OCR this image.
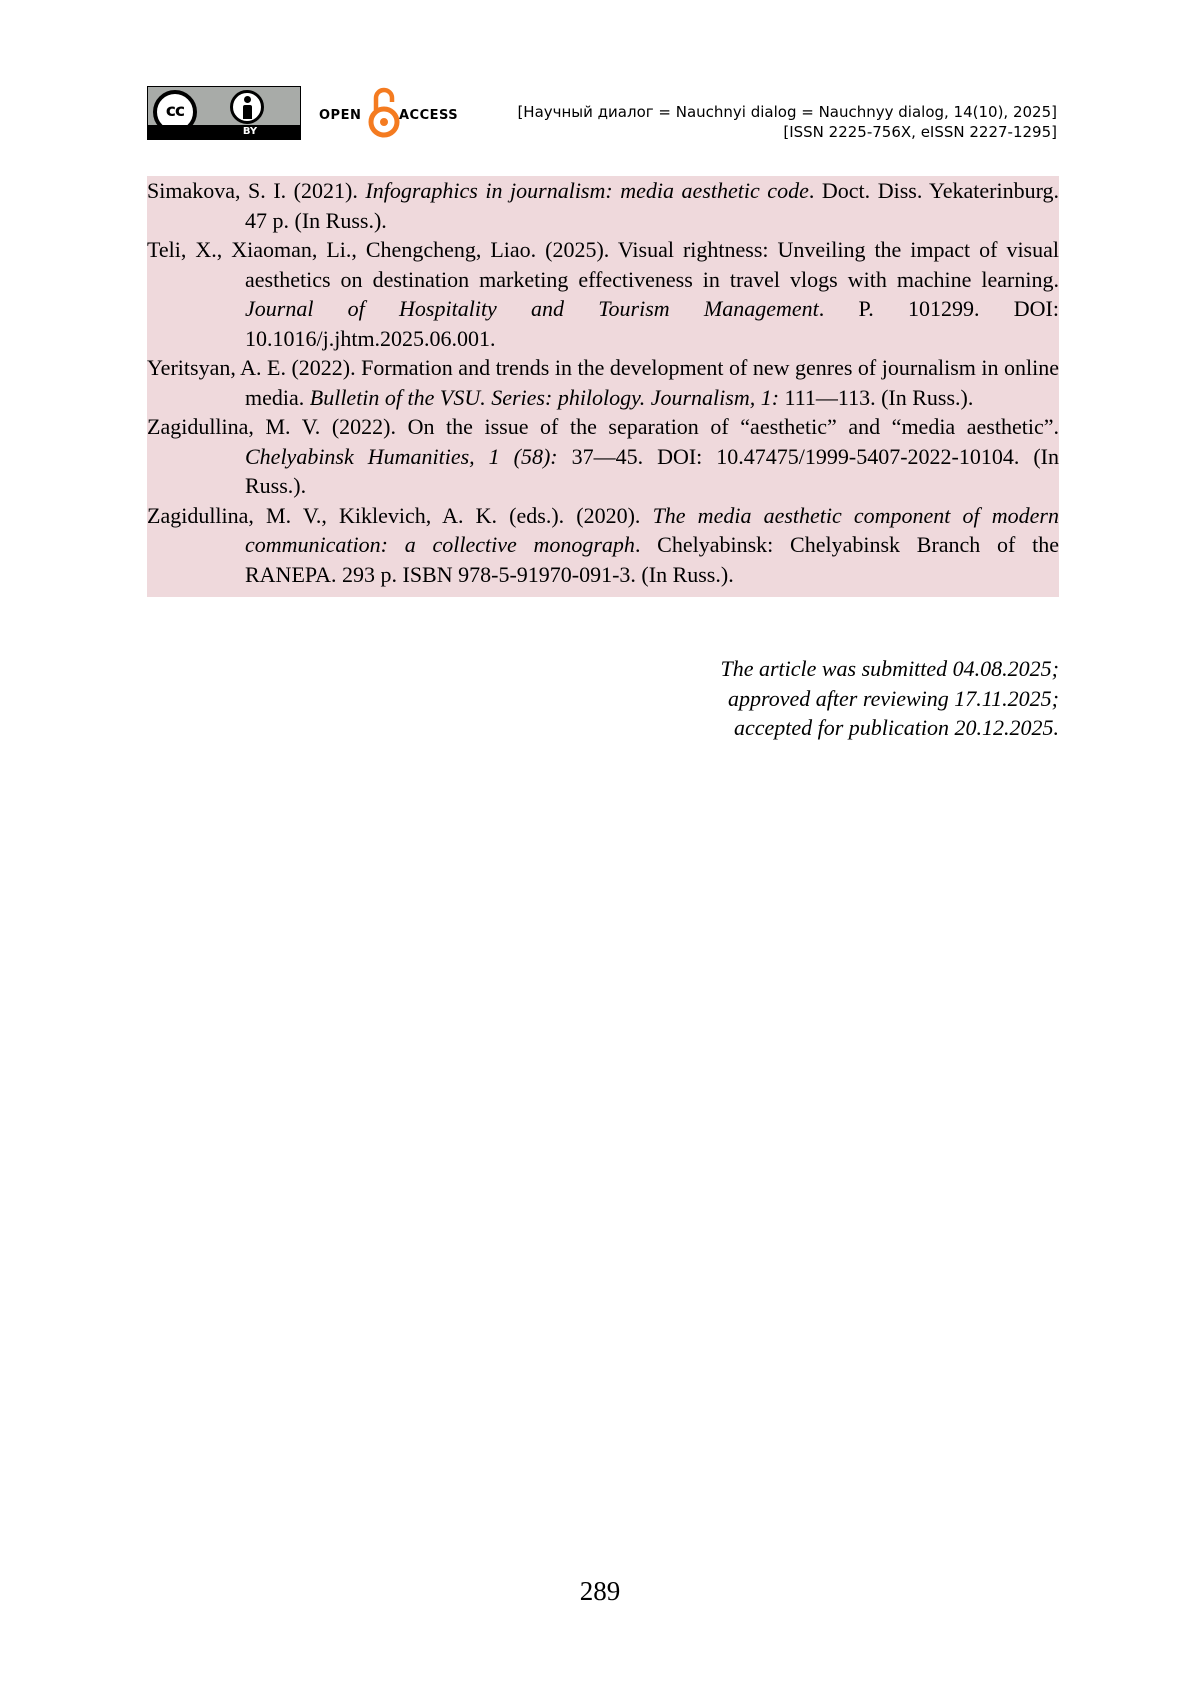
cc
BY
OPEN	ACCESS	[Научный диалог = Nauchnyi dialog = Nauchnyy dialog, 14(10), 2025]
[ISSN 2225-756X, eISSN 2227-1295]
Simakova, S. I. (2021). Infographics in journalism: media aesthetic code. Doct. Diss. Yekaterinburg. 47 p. (In Russ.).
Teli, X., Xiaoman, Li., Chengcheng, Liao. (2025). Visual rightness: Unveiling the impact of visual aesthetics on destination marketing effectiveness in travel vlogs with machine learning. Journal of Hospitality and Tourism Management. P. 101299. DOI: 10.1016/j.jhtm.2025.06.001.
Yeritsyan, A. E. (2022). Formation and trends in the development of new genres of journalism in online media. Bulletin of the VSU. Series: philology. Journalism, 1: 111—113. (In Russ.).
Zagidullina, M. V. (2022). On the issue of the separation of “aesthetic” and “media aesthetic”. Chelyabinsk Humanities, 1 (58): 37—45. DOI: 10.47475/1999-5407-2022-10104. (In Russ.).
Zagidullina, M. V., Kiklevich, A. K. (eds.). (2020). The media aesthetic component of modern communication: a collective monograph. Chelyabinsk: Chelyabinsk Branch of the RANEPA. 293 p. ISBN 978-5-91970-091-3. (In Russ.).
The article was submitted 04.08.2025;
approved after reviewing 17.11.2025;
accepted for publication 20.12.2025.
289
